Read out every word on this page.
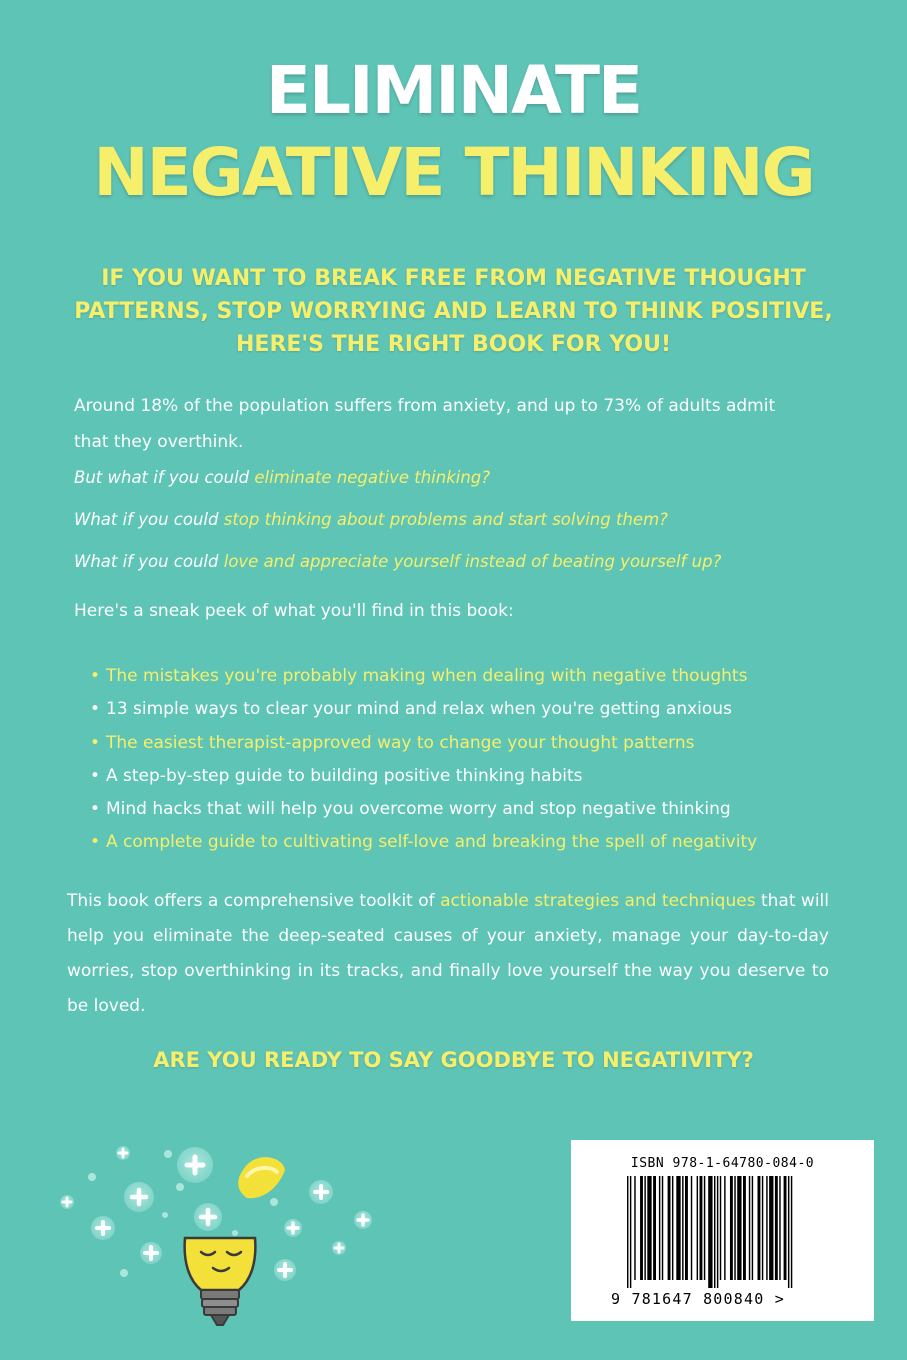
ELIMINATE
NEGATIVE THINKING
IF YOU WANT TO BREAK FREE FROM NEGATIVE THOUGHT
PATTERNS, STOP WORRYING AND LEARN TO THINK POSITIVE,
HERE'S THE RIGHT BOOK FOR YOU!
Around 18% of the population suffers from anxiety, and up to 73% of adults admit
that they overthink.
But what if you could eliminate negative thinking?
What if you could stop thinking about problems and start solving them?
What if you could love and appreciate yourself instead of beating yourself up?
Here's a sneak peek of what you'll find in this book:
• The mistakes you're probably making when dealing with negative thoughts
• 13 simple ways to clear your mind and relax when you're getting anxious
• The easiest therapist-approved way to change your thought patterns
• A step-by-step guide to building positive thinking habits
• Mind hacks that will help you overcome worry and stop negative thinking
• A complete guide to cultivating self-love and breaking the spell of negativity
This book offers a comprehensive toolkit of actionable strategies and techniques that will help you eliminate the deep-seated causes of your anxiety, manage your day-to-day worries, stop overthinking in its tracks, and finally love yourself the way you deserve to be loved.
ARE YOU READY TO SAY GOODBYE TO NEGATIVITY?
ISBN 978-1-64780-084-0
9 781647 800840 >
